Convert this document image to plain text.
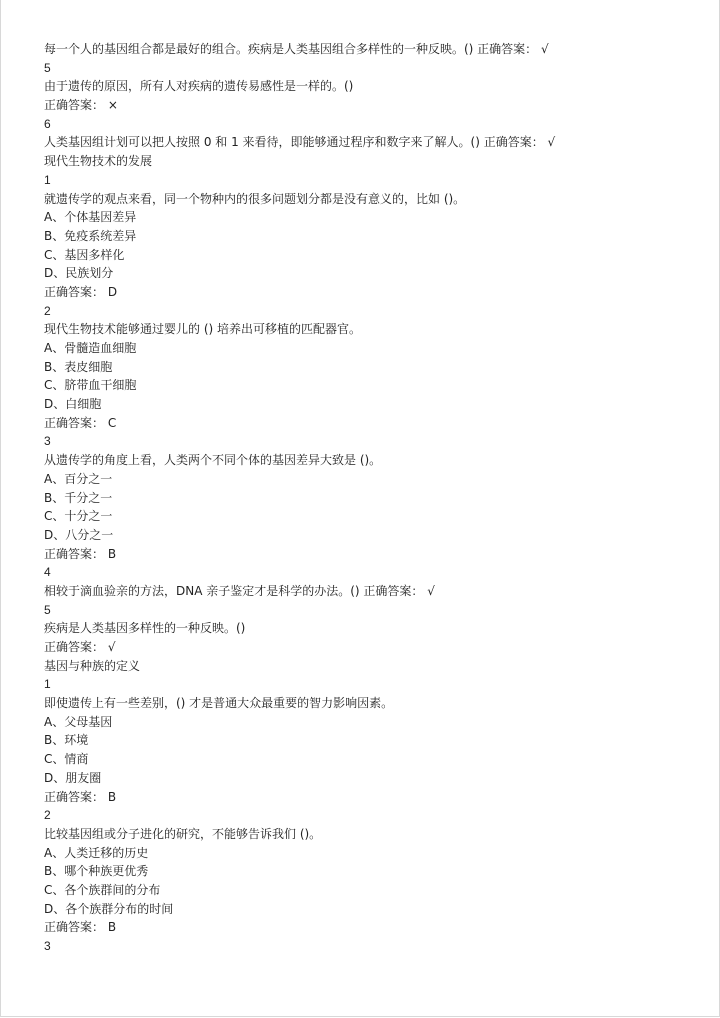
每一个人的基因组合都是最好的组合。疾病是人类基因组合多样性的一种反映。() 正确答案： √
5
由于遗传的原因，所有人对疾病的遗传易感性是一样的。()
正确答案： ×
6
人类基因组计划可以把人按照 0 和 1 来看待，即能够通过程序和数字来了解人。() 正确答案： √
现代生物技术的发展
1
就遗传学的观点来看，同一个物种内的很多问题划分都是没有意义的，比如 ()。
A、个体基因差异
B、免疫系统差异
C、基因多样化
D、民族划分
正确答案： D
2
现代生物技术能够通过婴儿的 () 培养出可移植的匹配器官。
A、骨髓造血细胞
B、表皮细胞
C、脐带血干细胞
D、白细胞
正确答案： C
3
从遗传学的角度上看，人类两个不同个体的基因差异大致是 ()。
A、百分之一
B、千分之一
C、十分之一
D、八分之一
正确答案： B
4
相较于滴血验亲的方法，DNA 亲子鉴定才是科学的办法。() 正确答案： √
5
疾病是人类基因多样性的一种反映。()
正确答案： √
基因与种族的定义
1
即使遗传上有一些差别，() 才是普通大众最重要的智力影响因素。
A、父母基因
B、环境
C、情商
D、朋友圈
正确答案： B
2
比较基因组或分子进化的研究，不能够告诉我们 ()。
A、人类迁移的历史
B、哪个种族更优秀
C、各个族群间的分布
D、各个族群分布的时间
正确答案： B
3
